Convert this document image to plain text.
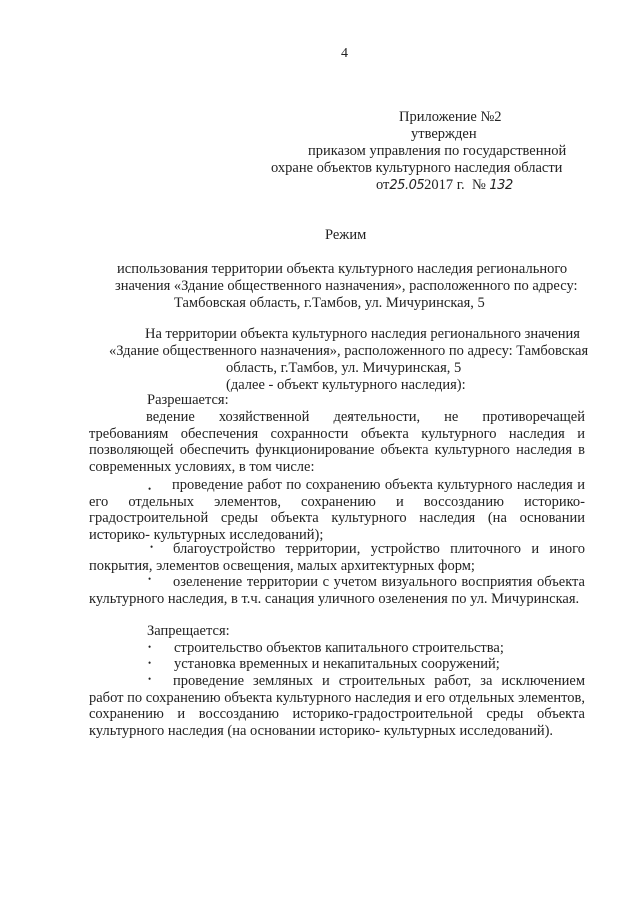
4
Приложение №2
утвержден
приказом управления по государственной
охране объектов культурного наследия области
от25.052017 г. № 132
Режим
использования территории объекта культурного наследия регионального
значения «Здание общественного назначения», расположенного по адресу:
Тамбовская область, г.Тамбов, ул. Мичуринская, 5
На территории объекта культурного наследия регионального значения
«Здание общественного назначения», расположенного по адресу: Тамбовская
область, г.Тамбов, ул. Мичуринская, 5
(далее - объект культурного наследия):
Разрешается:
ведение хозяйственной деятельности, не противоречащей требованиям обеспечения сохранности объекта культурного наследия и позволяющей обеспечить функционирование объекта культурного наследия в современных условиях, в том числе:
•	проведение работ по сохранению объекта культурного наследия и его отдельных элементов, сохранению и воссозданию историко-градостроительной среды объекта культурного наследия (на основании историко- культурных исследований);
•	благоустройство территории, устройство плиточного и иного покрытия, элементов освещения, малых архитектурных форм;
•	озеленение территории с учетом визуального восприятия объекта культурного наследия, в т.ч. санация уличного озеленения по ул. Мичуринская.
Запрещается:
• строительство объектов капитального строительства;
• установка временных и некапитальных сооружений;
•	проведение земляных и строительных работ, за исключением работ по сохранению объекта культурного наследия и его отдельных элементов, сохранению и воссозданию историко-градостроительной среды объекта культурного наследия (на основании историко- культурных исследований).
